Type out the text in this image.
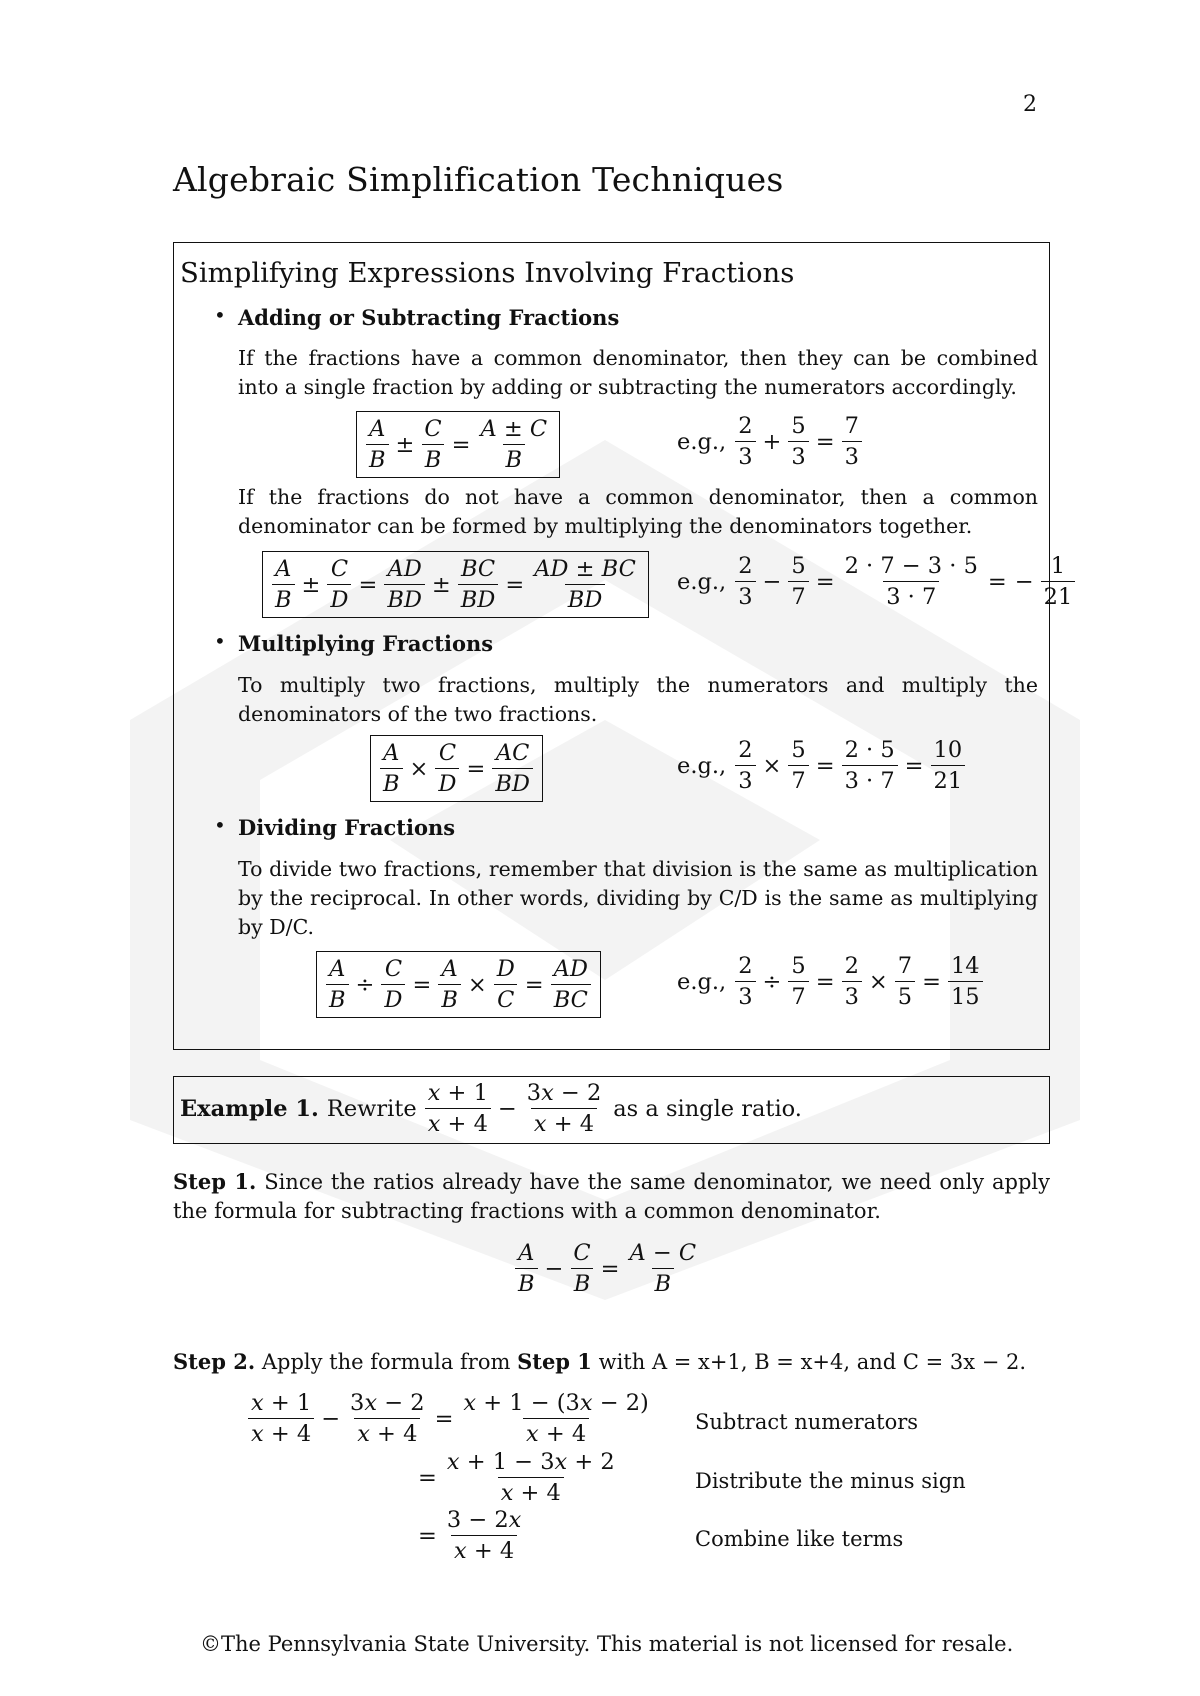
2
Algebraic Simplification Techniques
Simplifying Expressions Involving Fractions
• Adding or Subtracting Fractions
If the fractions have a common denominator, then they can be combined into a single fraction by adding or subtracting the numerators accordingly.
$\frac{A}{B} \pm \frac{C}{B} = \frac{A \pm C}{B}$	e.g., $\frac{2}{3} + \frac{5}{3} = \frac{7}{3}$
If the fractions do not have a common denominator, then a common denominator can be formed by multiplying the denominators together.
$\frac{A}{B} \pm \frac{C}{D} = \frac{AD}{BD} \pm \frac{BC}{BD} = \frac{AD \pm BC}{BD} e.g$., $\frac{2}{3} - \frac{5}{7} = \frac{2 \cdot 7 - 3 \cdot 5}{3 \cdot 7}$ = − $\frac{1}{21}$
• Multiplying Fractions
To multiply two fractions, multiply the numerators and multiply the denominators of the two fractions.
$\frac{A}{B} \times \frac{C}{D} = \frac{AC}{BD}$	e.g., $\frac{2}{3} \times \frac{5}{7} = \frac{2 \cdot 5}{3 \cdot 7} = \frac{10}{21}$
• Dividing Fractions
To divide two fractions, remember that division is the same as multiplication by the reciprocal. In other words, dividing by C/D is the same as multiplying by D/C.
$\frac{A}{B} \div \frac{C}{D} = \frac{A}{B} \times \frac{D}{C} = \frac{AD}{BC}$	e.g., $\frac{2}{3} \div \frac{5}{7} = \frac{2}{3} \times \frac{7}{5} = \frac{14}{15}$
Example 1. Rewrite $\frac{x + 1}{x + 4} - \frac{3x - 2}{x + 4}$ as a single ratio.
Step 1. Since the ratios already have the same denominator, we need only apply the formula for subtracting fractions with a common denominator.
$\frac{A}{B} - \frac{C}{B} = \frac{A - C}{B}$
Step 2. Apply the formula from Step 1 with A = x+1, B = x+4, and C = 3x − 2.
$\frac{x + 1}{x + 4} - \frac{3x - 2}{x + 4} = \frac{x + 1 - (3x - 2)}{x + 4}$ Subtract numerators
= $\frac{x + 1 - 3x + 2}{x + 4}$	Distribute the minus sign
= $\frac{3 - 2x}{x + 4}$	Combine like terms
©The Pennsylvania State University. This material is not licensed for resale.
